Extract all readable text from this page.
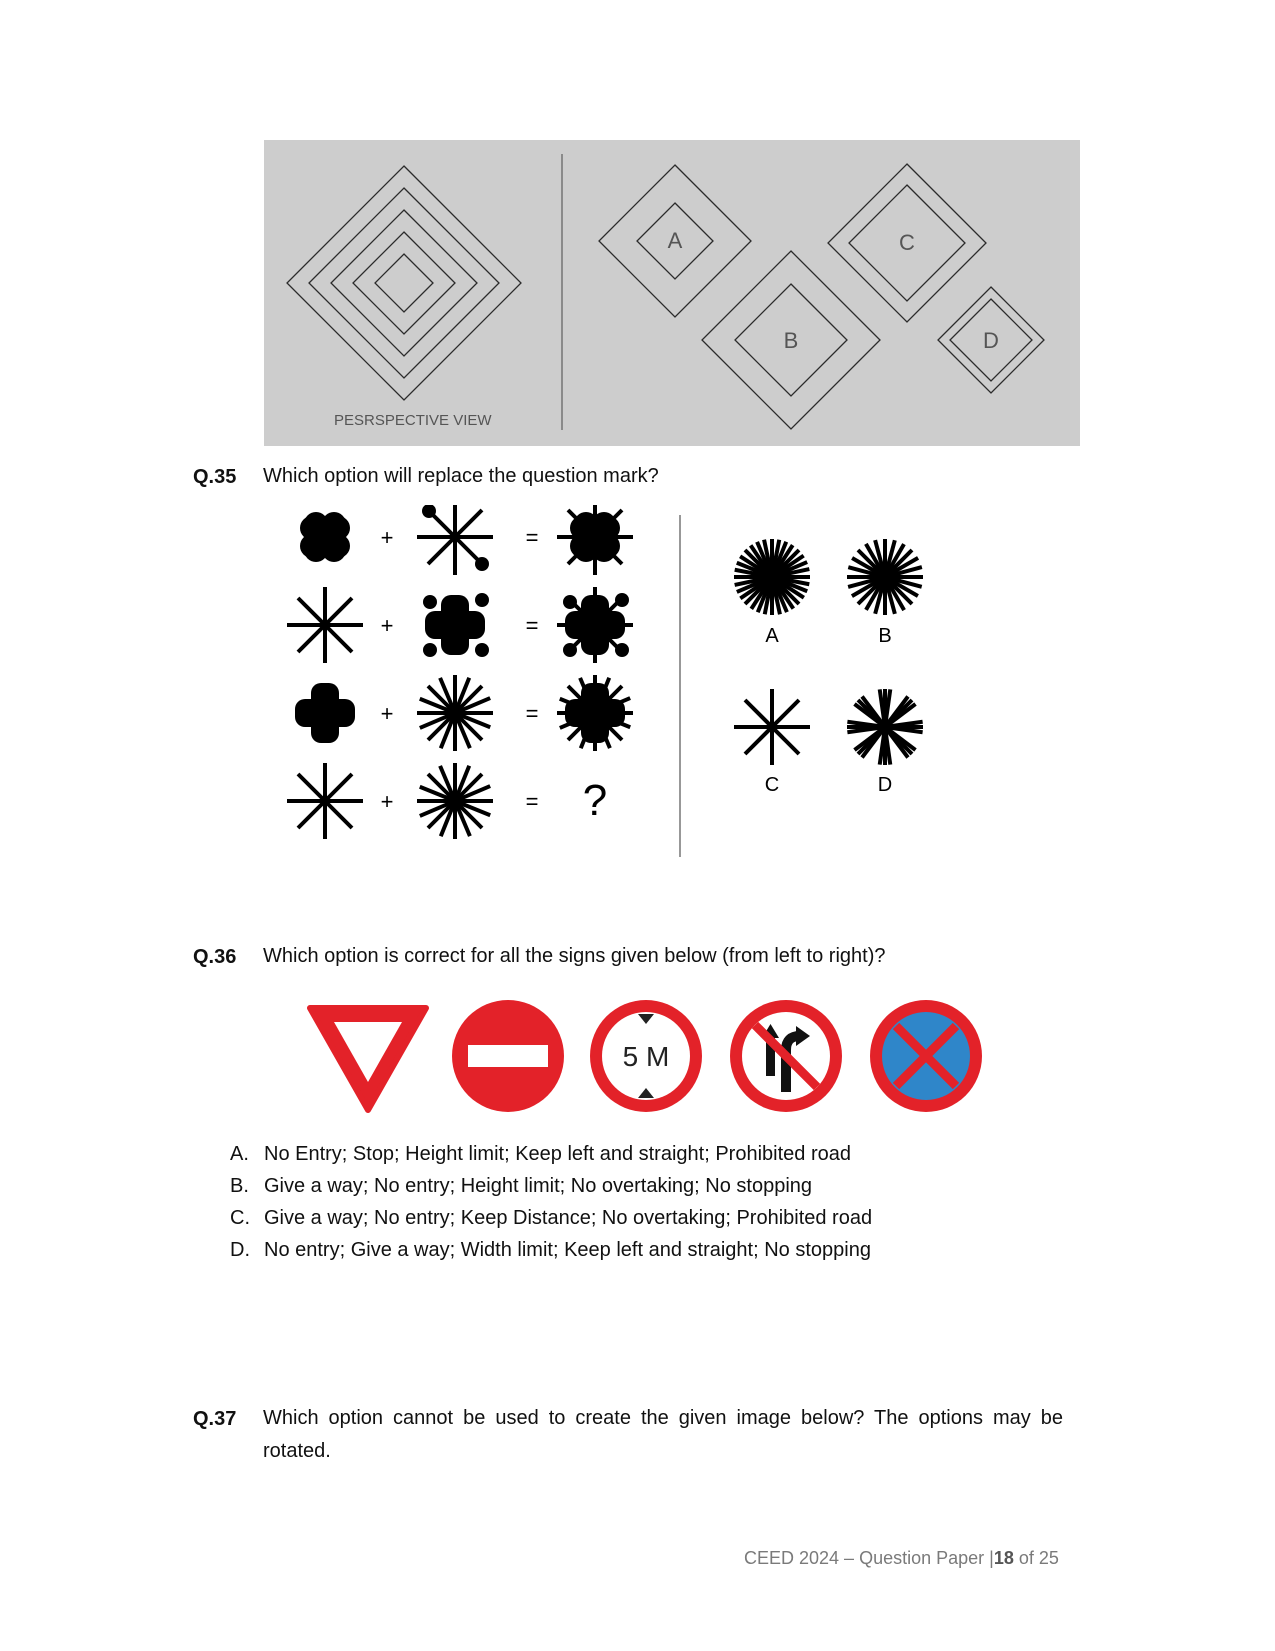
PESRSPECTIVE VIEW
A
B
C
D
Q.35 Which option will replace the question mark?
+	=
+	=
+	=
+	= ?
A	B
C	D
Q.36 Which option is correct for all the signs given below (from left to right)?
5 M
A. No Entry; Stop; Height limit; Keep left and straight; Prohibited road
B. Give a way; No entry; Height limit; No overtaking; No stopping
C. Give a way; No entry; Keep Distance; No overtaking; Prohibited road
D. No entry; Give a way; Width limit; Keep left and straight; No stopping
Q.37 Which option cannot be used to create the given image below? The options may be rotated.
CEED 2024 – Question Paper |18 of 25
